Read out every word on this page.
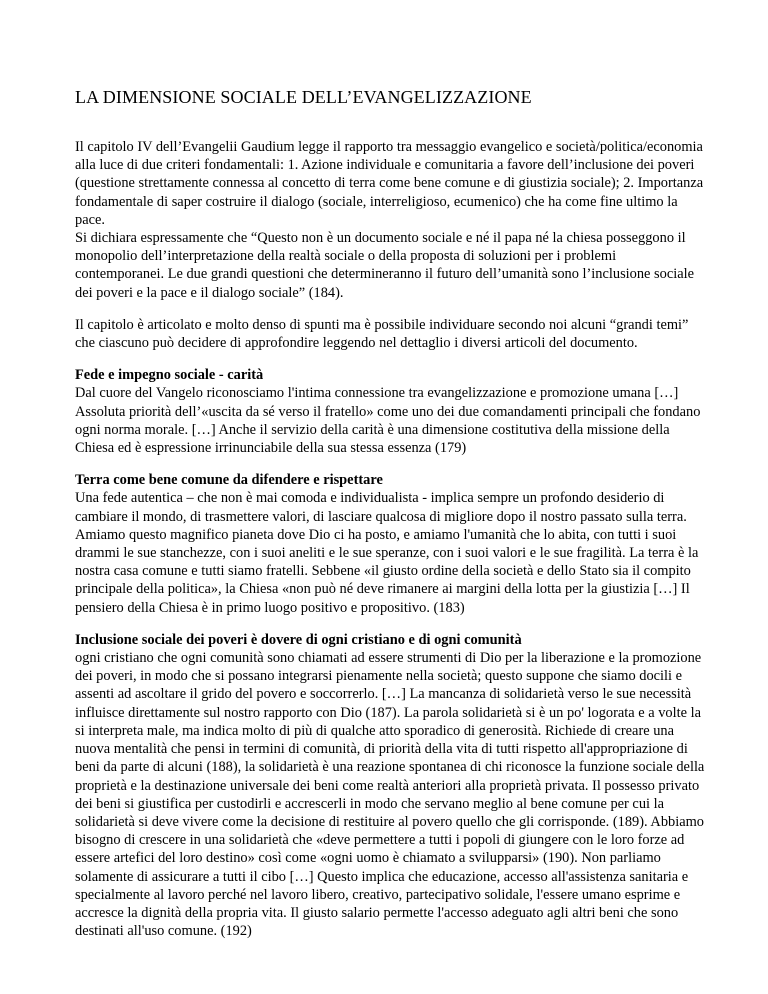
LA DIMENSIONE SOCIALE DELL’EVANGELIZZAZIONE

Il capitolo IV dell’Evangelii Gaudium legge il rapporto tra messaggio evangelico e società/politica/economia alla luce di due criteri fondamentali: 1. Azione individuale e comunitaria a favore dell’inclusione dei poveri (questione strettamente connessa al concetto di terra come bene comune e di giustizia sociale); 2. Importanza fondamentale di saper costruire il dialogo (sociale, interreligioso, ecumenico) che ha come fine ultimo la pace.
Si dichiara espressamente che “Questo non è un documento sociale e né il papa né la chiesa posseggono il monopolio dell’interpretazione della realtà sociale o della proposta di soluzioni per i problemi contemporanei. Le due grandi questioni che determineranno il futuro dell’umanità sono l’inclusione sociale dei poveri e la pace e il dialogo sociale” (184).

Il capitolo è articolato e molto denso di spunti ma è possibile individuare secondo noi alcuni “grandi temi” che ciascuno può decidere di approfondire leggendo nel dettaglio i diversi articoli del documento.

Fede e impegno sociale - carità
Dal cuore del Vangelo riconosciamo l'intima connessione tra evangelizzazione e promozione umana […] Assoluta priorità dell’«uscita da sé verso il fratello» come uno dei due comandamenti principali che fondano ogni norma morale. […] Anche il servizio della carità è una dimensione costitutiva della missione della Chiesa ed è espressione irrinunciabile della sua stessa essenza (179)

Terra come bene comune da difendere e rispettare
Una fede autentica – che non è mai comoda e individualista - implica sempre un profondo desiderio di cambiare il mondo, di trasmettere valori, di lasciare qualcosa di migliore dopo il nostro passato sulla terra. Amiamo questo magnifico pianeta dove Dio ci ha posto, e amiamo l'umanità che lo abita, con tutti i suoi drammi le sue stanchezze, con i suoi aneliti e le sue speranze, con i suoi valori e le sue fragilità. La terra è la nostra casa comune e tutti siamo fratelli. Sebbene «il giusto ordine della società e dello Stato sia il compito principale della politica», la Chiesa «non può né deve rimanere ai margini della lotta per la giustizia […] Il pensiero della Chiesa è in primo luogo positivo e propositivo. (183)

Inclusione sociale dei poveri è dovere di ogni cristiano e di ogni comunità
ogni cristiano che ogni comunità sono chiamati ad essere strumenti di Dio per la liberazione e la promozione dei poveri, in modo che si possano integrarsi pienamente nella società; questo suppone che siamo docili e assenti ad ascoltare il grido del povero e soccorrerlo. […] La mancanza di solidarietà verso le sue necessità influisce direttamente sul nostro rapporto con Dio (187). La parola solidarietà si è un po' logorata e a volte la si interpreta male, ma indica molto di più di qualche atto sporadico di generosità. Richiede di creare una nuova mentalità che pensi in termini di comunità, di priorità della vita di tutti rispetto all'appropriazione di beni da parte di alcuni (188), la solidarietà è una reazione spontanea di chi riconosce la funzione sociale della proprietà e la destinazione universale dei beni come realtà anteriori alla proprietà privata. Il possesso privato dei beni si giustifica per custodirli e accrescerli in modo che servano meglio al bene comune per cui la solidarietà si deve vivere come la decisione di restituire al povero quello che gli corrisponde. (189). Abbiamo bisogno di crescere in una solidarietà che «deve permettere a tutti i popoli di giungere con le loro forze ad essere artefici del loro destino» così come «ogni uomo è chiamato a svilupparsi» (190). Non parliamo solamente di assicurare a tutti il cibo […] Questo implica che educazione, accesso all'assistenza sanitaria e specialmente al lavoro perché nel lavoro libero, creativo, partecipativo solidale, l'essere umano esprime e accresce la dignità della propria vita. Il giusto salario permette l'accesso adeguato agli altri beni che sono destinati all'uso comune. (192)
